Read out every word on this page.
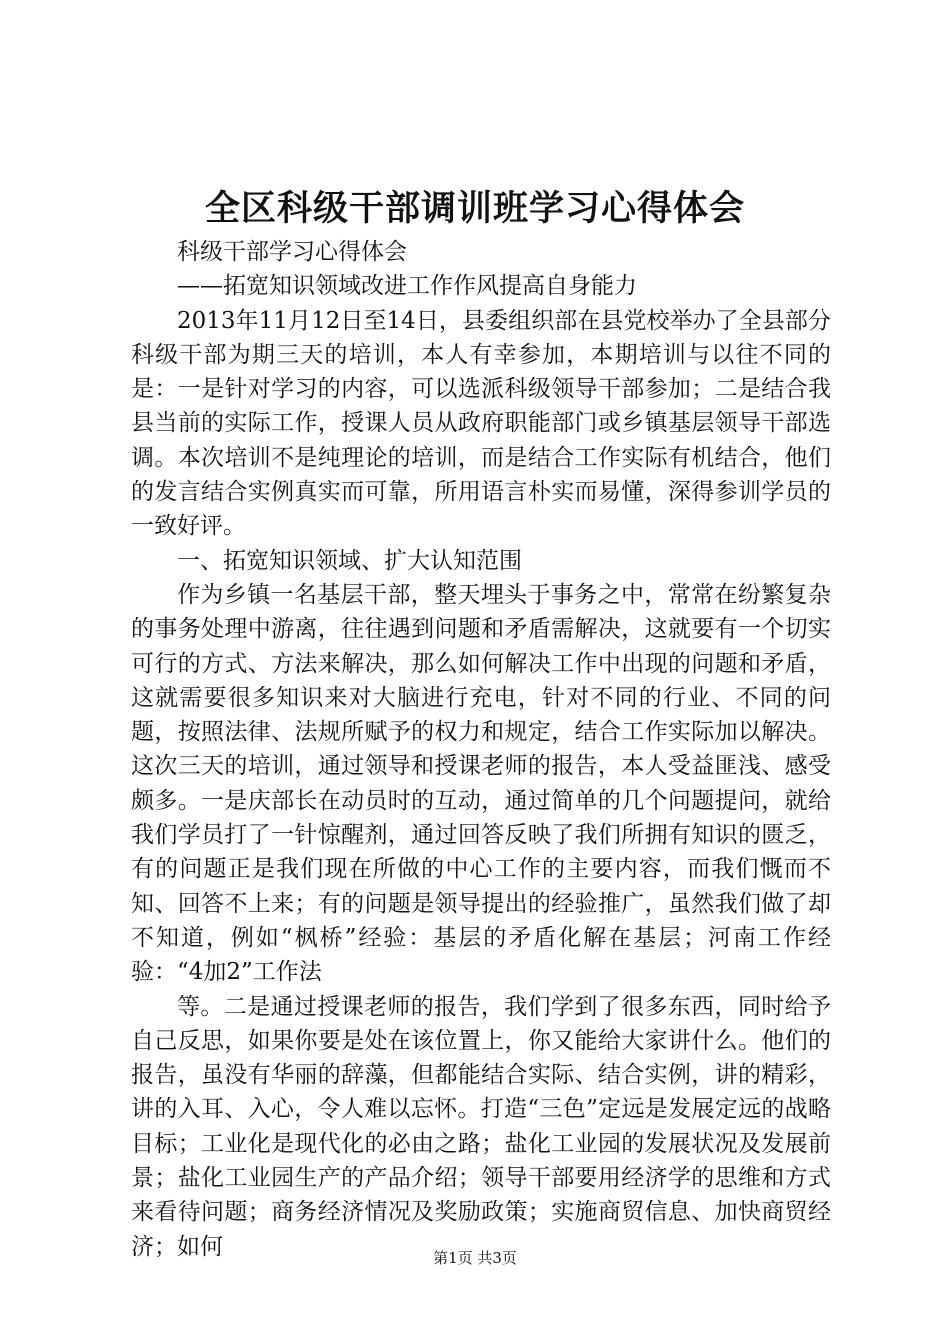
全区科级干部调训班学习心得体会

科级干部学习心得体会

——拓宽知识领域改进工作作风提高自身能力

2013年11月12日至14日，县委组织部在县党校举办了全县部分科级干部为期三天的培训，本人有幸参加，本期培训与以往不同的是：一是针对学习的内容，可以选派科级领导干部参加；二是结合我县当前的实际工作，授课人员从政府职能部门或乡镇基层领导干部选调。本次培训不是纯理论的培训，而是结合工作实际有机结合，他们的发言结合实例真实而可靠，所用语言朴实而易懂，深得参训学员的一致好评。

一、拓宽知识领域、扩大认知范围

作为乡镇一名基层干部，整天埋头于事务之中，常常在纷繁复杂的事务处理中游离，往往遇到问题和矛盾需解决，这就要有一个切实可行的方式、方法来解决，那么如何解决工作中出现的问题和矛盾，这就需要很多知识来对大脑进行充电，针对不同的行业、不同的问题，按照法律、法规所赋予的权力和规定，结合工作实际加以解决。这次三天的培训，通过领导和授课老师的报告，本人受益匪浅、感受颇多。一是庆部长在动员时的互动，通过简单的几个问题提问，就给我们学员打了一针惊醒剂，通过回答反映了我们所拥有知识的匮乏，有的问题正是我们现在所做的中心工作的主要内容，而我们慨而不知、回答不上来；有的问题是领导提出的经验推广，虽然我们做了却不知道，例如“枫桥”经验：基层的矛盾化解在基层；河南工作经验：“4加2”工作法

等。二是通过授课老师的报告，我们学到了很多东西，同时给予自己反思，如果你要是处在该位置上，你又能给大家讲什么。他们的报告，虽没有华丽的辞藻，但都能结合实际、结合实例，讲的精彩，讲的入耳、入心，令人难以忘怀。打造“三色”定远是发展定远的战略目标；工业化是现代化的必由之路；盐化工业园的发展状况及发展前景；盐化工业园生产的产品介绍；领导干部要用经济学的思维和方式来看待问题；商务经济情况及奖励政策；实施商贸信息、加快商贸经济；如何	第1页 共3页
